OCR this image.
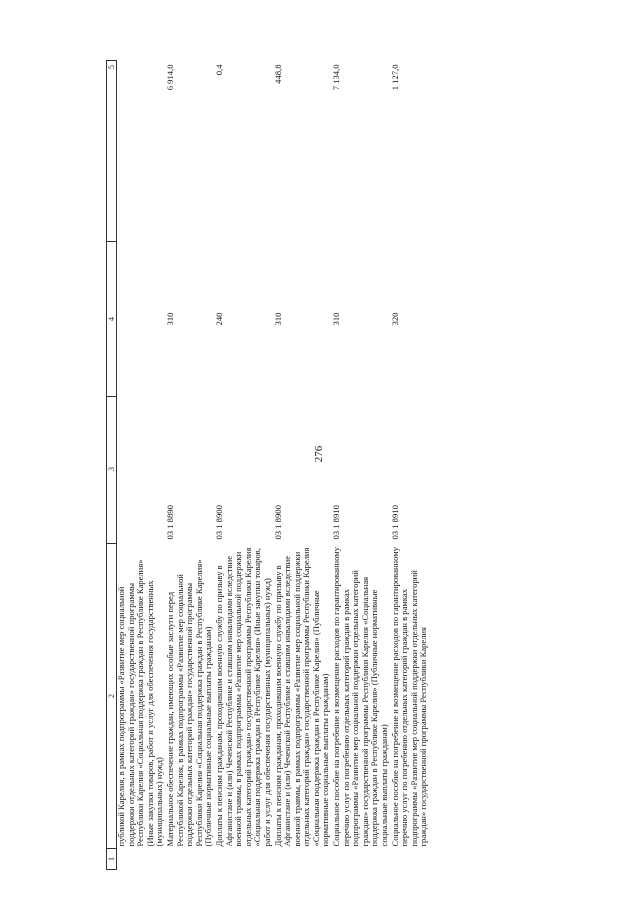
276
1	2	3	4	5
	публикой Карелия, в рамках подпрограммы «Развитие мер социальной поддержки отдельных категорий граждан» государственной программы Республики Карелия «Социальная поддержка граждан в Республике Карелия» (Иные закупки товаров, работ и услуг для обеспечения государственных (муниципальных) нужд)			
	Материальное обеспечение граждан, имеющих особые заслуги перед Республикой Карелия, в рамках подпрограммы «Развитие мер социальной поддержки отдельных категорий граждан» государственной программы Республики Карелия «Социальная поддержка граждан в Республике Карелия» (Публичные нормативные социальные выплаты гражданам)	03 1 8890	310	6 914,0
	Доплаты к пенсиям гражданам, проходившим военную службу по призыву в Афганистане и (или) Чеченской Республике и ставшим инвалидами вследствие военной травмы, в рамках подпрограммы «Развитие мер социальной поддержки отдельных категорий граждан» государственной программы Республики Карелия «Социальная поддержка граждан в Республике Карелия» (Иные закупки товаров, работ и услуг для обеспечения государственных (муниципальных) нужд)	03 1 8900	240	0,4
	Доплаты к пенсиям гражданам, проходившим военную службу по призыву в Афганистане и (или) Чеченской Республике и ставшим инвалидами вследствие военной травмы, в рамках подпрограммы «Развитие мер социальной поддержки отдельных категорий граждан» государственной программы Республики Карелия «Социальная поддержка граждан в Республике Карелия» (Публичные нормативные социальные выплаты гражданам)	03 1 8900	310	448,8
	Социальное пособие на погребение и возмещение расходов по гарантированному перечню услуг по погребению отдельных категорий граждан в рамках подпрограммы «Развитие мер социальной поддержки отдельных категорий граждан» государственной программы Республики Карелия «Социальная поддержка граждан в Республике Карелия» (Публичные нормативные социальные выплаты гражданам)	03 1 8910	310	7 134,0
	Социальное пособие на погребение и возмещение расходов по гарантированному перечню услуг по погребению отдельных категорий граждан в рамках подпрограммы «Развитие мер социальной поддержки отдельных категорий граждан» государственной программы Республики Карелия	03 1 8910	320	1 127,0
